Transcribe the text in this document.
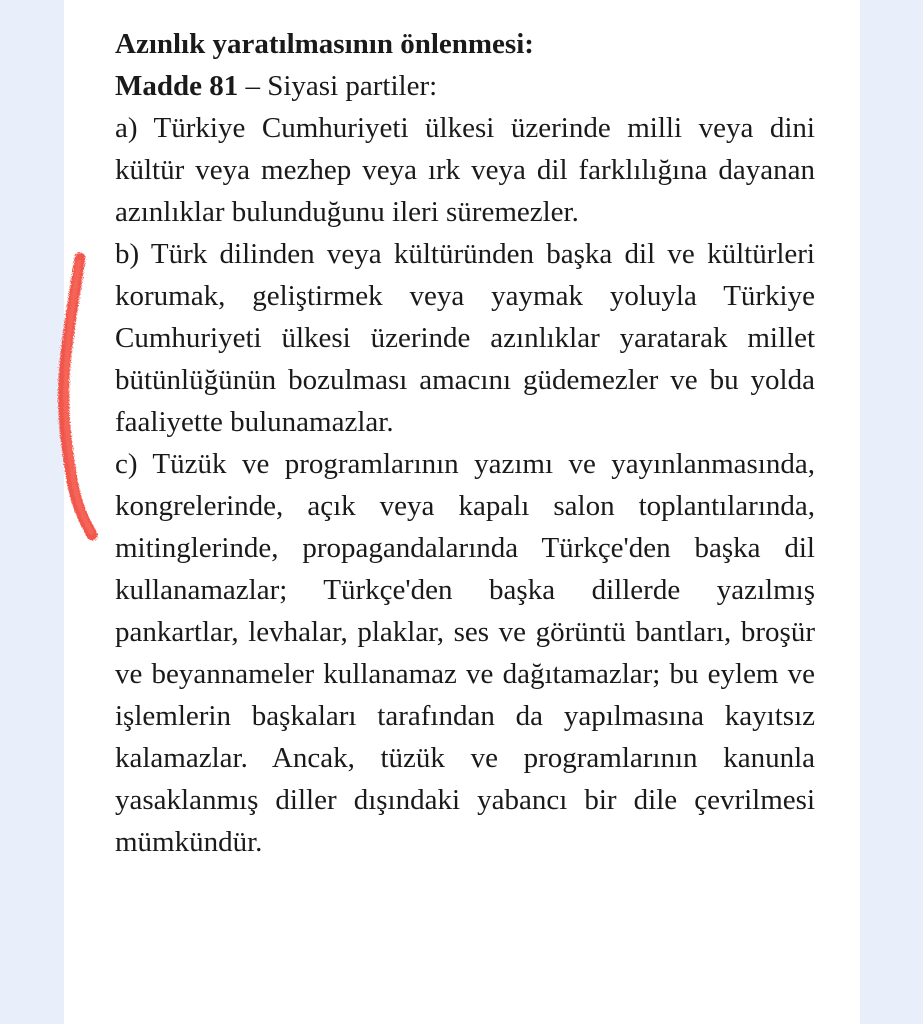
Azınlık yaratılmasının önlenmesi:

Madde 81 – Siyasi partiler:

a) Türkiye Cumhuriyeti ülkesi üzerinde milli veya dini kültür veya mezhep veya ırk veya dil farklılığına dayanan azınlıklar bulunduğunu ileri süremezler.

b) Türk dilinden veya kültüründen başka dil ve kültürleri korumak, geliştirmek veya yaymak yoluyla Türkiye Cumhuriyeti ülkesi üzerinde azınlıklar yaratarak millet bütünlüğünün bozulması amacını güdemezler ve bu yolda faaliyette bulunamazlar.

c) Tüzük ve programlarının yazımı ve yayınlanmasında, kongrelerinde, açık veya kapalı salon toplantılarında, mitinglerinde, propagandalarında Türkçe'den başka dil kullanamazlar; Türkçe'den başka dillerde yazılmış pankartlar, levhalar, plaklar, ses ve görüntü bantları, broşür ve beyannameler kullanamaz ve dağıtamazlar; bu eylem ve işlemlerin başkaları tarafından da yapılmasına kayıtsız kalamazlar. Ancak, tüzük ve programlarının kanunla yasaklanmış diller dışındaki yabancı bir dile çevrilmesi mümkündür.
